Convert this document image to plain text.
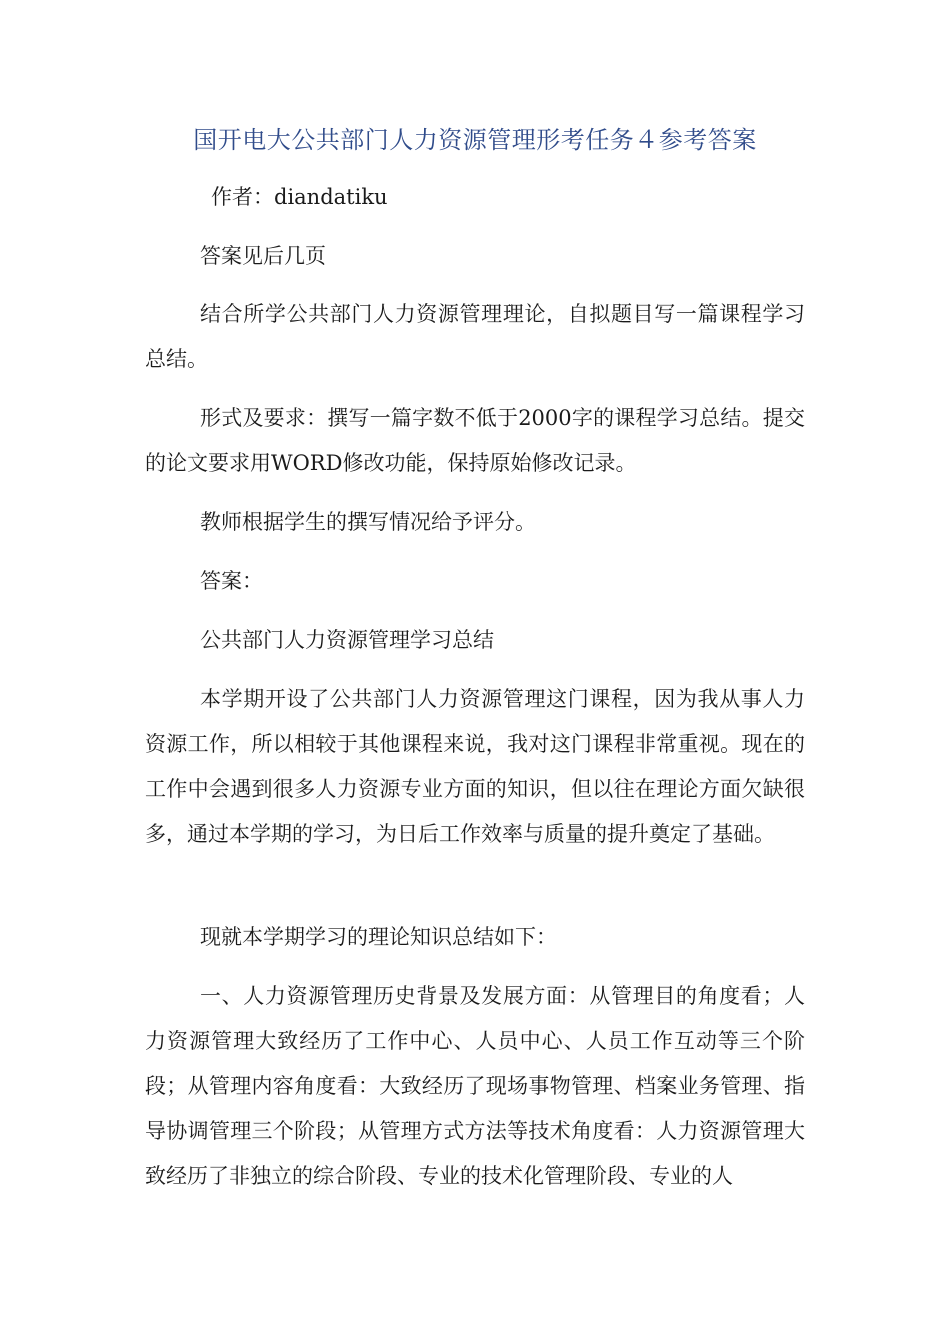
国开电大公共部门人力资源管理形考任务４参考答案
作者：diandatiku
答案见后几页

结合所学公共部门人力资源管理理论，自拟题目写一篇课程学习总结。

形式及要求：撰写一篇字数不低于2000字的课程学习总结。提交的论文要求用WORD修改功能，保持原始修改记录。

教师根据学生的撰写情况给予评分。

答案：

公共部门人力资源管理学习总结

本学期开设了公共部门人力资源管理这门课程，因为我从事人力资源工作，所以相较于其他课程来说，我对这门课程非常重视。现在的工作中会遇到很多人力资源专业方面的知识，但以往在理论方面欠缺很多，通过本学期的学习，为日后工作效率与质量的提升奠定了基础。

现就本学期学习的理论知识总结如下：

一、人力资源管理历史背景及发展方面：从管理目的角度看；人力资源管理大致经历了工作中心、人员中心、人员工作互动等三个阶段；从管理内容角度看：大致经历了现场事物管理、档案业务管理、指导协调管理三个阶段；从管理方式方法等技术角度看：人力资源管理大致经历了非独立的综合阶段、专业的技术化管理阶段、专业的人
